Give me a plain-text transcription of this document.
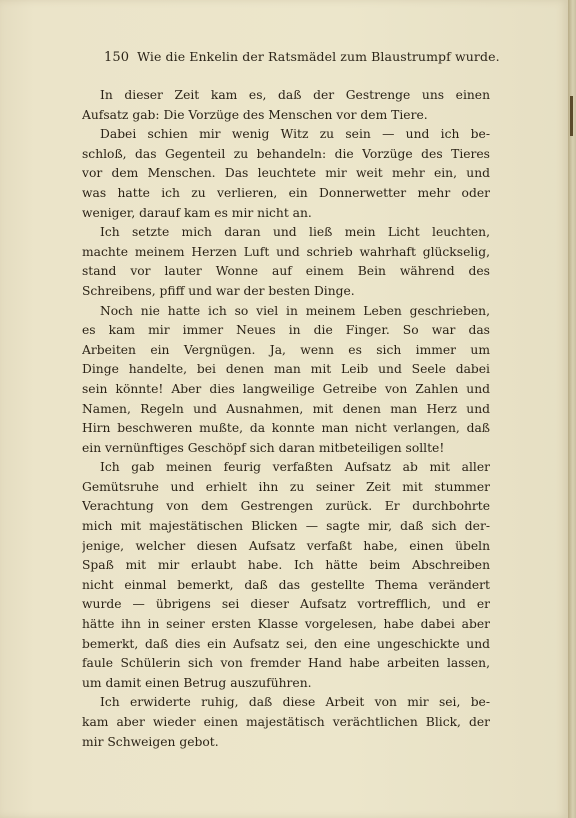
150 Wie die Enkelin der Ratsmädel zum Blaustrumpf wurde.
In dieser Zeit kam es, daß der Gestrenge uns einen
Aufsatz gab: Die Vorzüge des Menschen vor dem Tiere.
Dabei schien mir wenig Witz zu sein — und ich be-
schloß, das Gegenteil zu behandeln: die Vorzüge des Tieres
vor dem Menschen. Das leuchtete mir weit mehr ein, und
was hatte ich zu verlieren, ein Donnerwetter mehr oder
weniger, darauf kam es mir nicht an.
Ich setzte mich daran und ließ mein Licht leuchten,
machte meinem Herzen Luft und schrieb wahrhaft glückselig,
stand vor lauter Wonne auf einem Bein während des
Schreibens, pfiff und war der besten Dinge.
Noch nie hatte ich so viel in meinem Leben geschrieben,
es kam mir immer Neues in die Finger. So war das
Arbeiten ein Vergnügen. Ja, wenn es sich immer um
Dinge handelte, bei denen man mit Leib und Seele dabei
sein könnte! Aber dies langweilige Getreibe von Zahlen und
Namen, Regeln und Ausnahmen, mit denen man Herz und
Hirn beschweren mußte, da konnte man nicht verlangen, daß
ein vernünftiges Geschöpf sich daran mitbeteiligen sollte!
Ich gab meinen feurig verfaßten Aufsatz ab mit aller
Gemütsruhe und erhielt ihn zu seiner Zeit mit stummer
Verachtung von dem Gestrengen zurück. Er durchbohrte
mich mit majestätischen Blicken — sagte mir, daß sich der-
jenige, welcher diesen Aufsatz verfaßt habe, einen übeln
Spaß mit mir erlaubt habe. Ich hätte beim Abschreiben
nicht einmal bemerkt, daß das gestellte Thema verändert
wurde — übrigens sei dieser Aufsatz vortrefflich, und er
hätte ihn in seiner ersten Klasse vorgelesen, habe dabei aber
bemerkt, daß dies ein Aufsatz sei, den eine ungeschickte und
faule Schülerin sich von fremder Hand habe arbeiten lassen,
um damit einen Betrug auszuführen.
Ich erwiderte ruhig, daß diese Arbeit von mir sei, be-
kam aber wieder einen majestätisch verächtlichen Blick, der
mir Schweigen gebot.
